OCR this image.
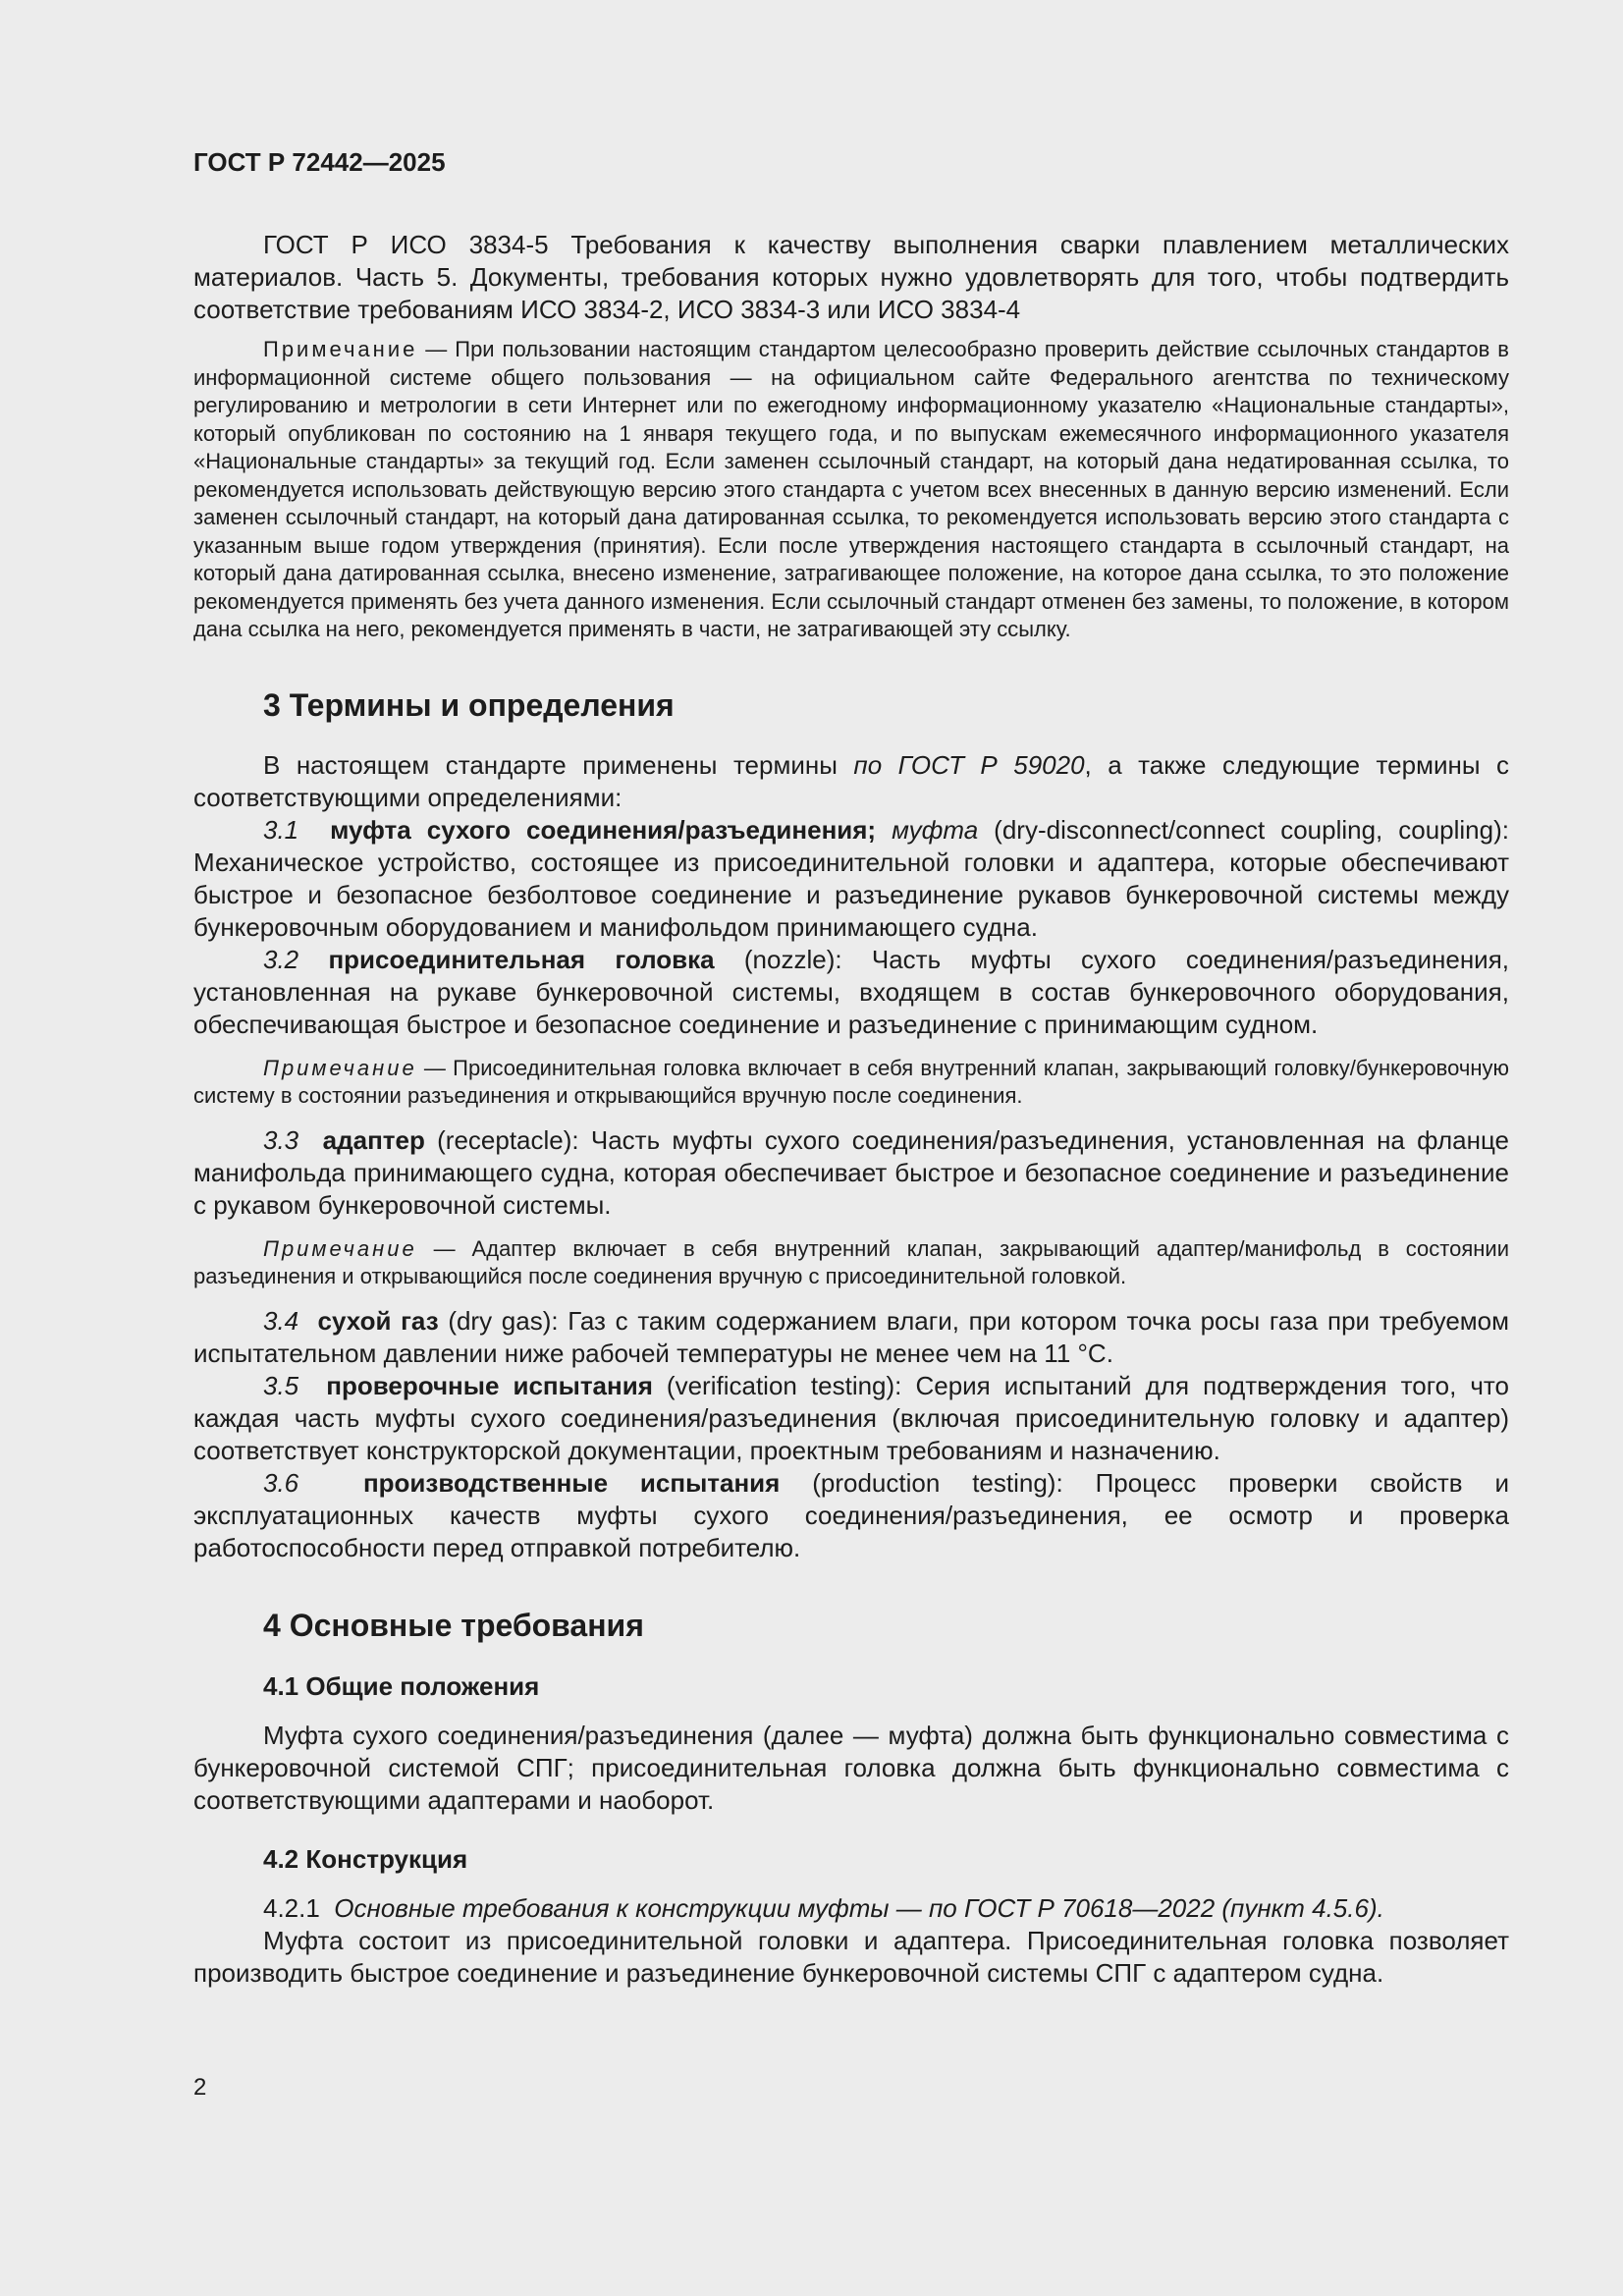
ГОСТ Р 72442—2025

ГОСТ Р ИСО 3834-5 Требования к качеству выполнения сварки плавлением металлических материалов. Часть 5. Документы, требования которых нужно удовлетворять для того, чтобы подтвердить соответствие требованиям ИСО 3834-2, ИСО 3834-3 или ИСО 3834-4

Примечание — При пользовании настоящим стандартом целесообразно проверить действие ссылочных стандартов в информационной системе общего пользования — на официальном сайте Федерального агентства по техническому регулированию и метрологии в сети Интернет или по ежегодному информационному указателю «Национальные стандарты», который опубликован по состоянию на 1 января текущего года, и по выпускам ежемесячного информационного указателя «Национальные стандарты» за текущий год. Если заменен ссылочный стандарт, на который дана недатированная ссылка, то рекомендуется использовать действующую версию этого стандарта с учетом всех внесенных в данную версию изменений. Если заменен ссылочный стандарт, на который дана датированная ссылка, то рекомендуется использовать версию этого стандарта с указанным выше годом утверждения (принятия). Если после утверждения настоящего стандарта в ссылочный стандарт, на который дана датированная ссылка, внесено изменение, затрагивающее положение, на которое дана ссылка, то это положение рекомендуется применять без учета данного изменения. Если ссылочный стандарт отменен без замены, то положение, в котором дана ссылка на него, рекомендуется применять в части, не затрагивающей эту ссылку.

3 Термины и определения

В настоящем стандарте применены термины по ГОСТ Р 59020, а также следующие термины с соответствующими определениями:

3.1 муфта сухого соединения/разъединения; муфта (dry-disconnect/connect coupling, coupling): Механическое устройство, состоящее из присоединительной головки и адаптера, которые обеспечивают быстрое и безопасное безболтовое соединение и разъединение рукавов бункеровочной системы между бункеровочным оборудованием и манифольдом принимающего судна.

3.2 присоединительная головка (nozzle): Часть муфты сухого соединения/разъединения, установленная на рукаве бункеровочной системы, входящем в состав бункеровочного оборудования, обеспечивающая быстрое и безопасное соединение и разъединение с принимающим судном.

Примечание — Присоединительная головка включает в себя внутренний клапан, закрывающий головку/бункеровочную систему в состоянии разъединения и открывающийся вручную после соединения.

3.3 адаптер (receptacle): Часть муфты сухого соединения/разъединения, установленная на фланце манифольда принимающего судна, которая обеспечивает быстрое и безопасное соединение и разъединение с рукавом бункеровочной системы.

Примечание — Адаптер включает в себя внутренний клапан, закрывающий адаптер/манифольд в состоянии разъединения и открывающийся после соединения вручную с присоединительной головкой.

3.4 сухой газ (dry gas): Газ с таким содержанием влаги, при котором точка росы газа при требуемом испытательном давлении ниже рабочей температуры не менее чем на 11 °C.

3.5 проверочные испытания (verification testing): Серия испытаний для подтверждения того, что каждая часть муфты сухого соединения/разъединения (включая присоединительную головку и адаптер) соответствует конструкторской документации, проектным требованиям и назначению.

3.6	производственные испытания (production testing): Процесс проверки свойств и эксплуатационных качеств муфты сухого соединения/разъединения, ее осмотр и проверка работоспособности перед отправкой потребителю.

4 Основные требования
4.1 Общие положения

Муфта сухого соединения/разъединения (далее — муфта) должна быть функционально совместима с бункеровочной системой СПГ; присоединительная головка должна быть функционально совместима с соответствующими адаптерами и наоборот.

4.2 Конструкция

4.2.1 Основные требования к конструкции муфты — по ГОСТ Р 70618—2022 (пункт 4.5.6).

Муфта состоит из присоединительной головки и адаптера. Присоединительная головка позволяет производить быстрое соединение и разъединение бункеровочной системы СПГ с адаптером судна.

2
